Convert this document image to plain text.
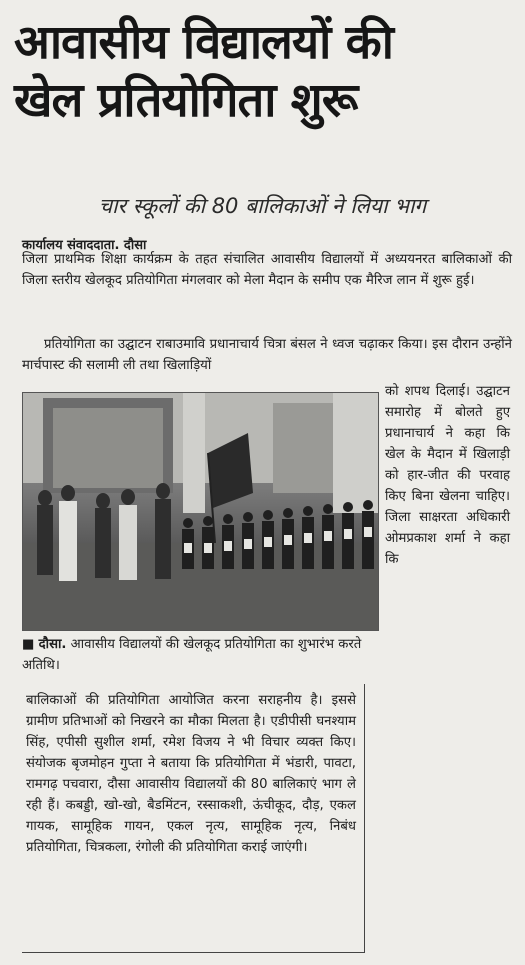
आवासीय विद्यालयों की
खेल प्रतियोगिता शुरू
चार स्कूलों की 80 बालिकाओं ने लिया भाग
कार्यालय संवाददाता. दौसा
जिला प्राथमिक शिक्षा कार्यक्रम के तहत संचालित आवासीय विद्यालयों में अध्ययनरत बालिकाओं की जिला स्तरीय खेलकूद प्रतियोगिता मंगलवार को मेला मैदान के समीप एक मैरिज लान में शुरू हुई।
प्रतियोगिता का उद्घाटन राबाउमावि प्रधानाचार्य चित्रा बंसल ने ध्वज चढ़ाकर किया। इस दौरान उन्होंने मार्चपास्ट की सलामी ली तथा खिलाड़ियों
■ दौसा. आवासीय विद्यालयों की खेलकूद प्रतियोगिता का शुभारंभ करते अतिथि।
को शपथ दिलाई। उद्घाटन समारोह में बोलते हुए प्रधानाचार्य ने कहा कि खेल के मैदान में खिलाड़ी को हार-जीत की परवाह किए बिना खेलना चाहिए। जिला साक्षरता अधिकारी ओमप्रकाश शर्मा ने कहा कि
बालिकाओं की प्रतियोगिता आयोजित करना सराहनीय है। इससे ग्रामीण प्रतिभाओं को निखरने का मौका मिलता है। एडीपीसी घनश्याम सिंह, एपीसी सुशील शर्मा, रमेश विजय ने भी विचार व्यक्त किए। संयोजक बृजमोहन गुप्ता ने बताया कि प्रतियोगिता में भंडारी, पावटा, रामगढ़ पचवारा, दौसा आवासीय विद्यालयों की 80 बालिकाएं भाग ले रही हैं। कबड्डी, खो-खो, बैडमिंटन, रस्साकशी, ऊंचीकूद, दौड़, एकल गायक, सामूहिक गायन, एकल नृत्य, सामूहिक नृत्य, निबंध प्रतियोगिता, चित्रकला, रंगोली की प्रतियोगिता कराई जाएंगी।
